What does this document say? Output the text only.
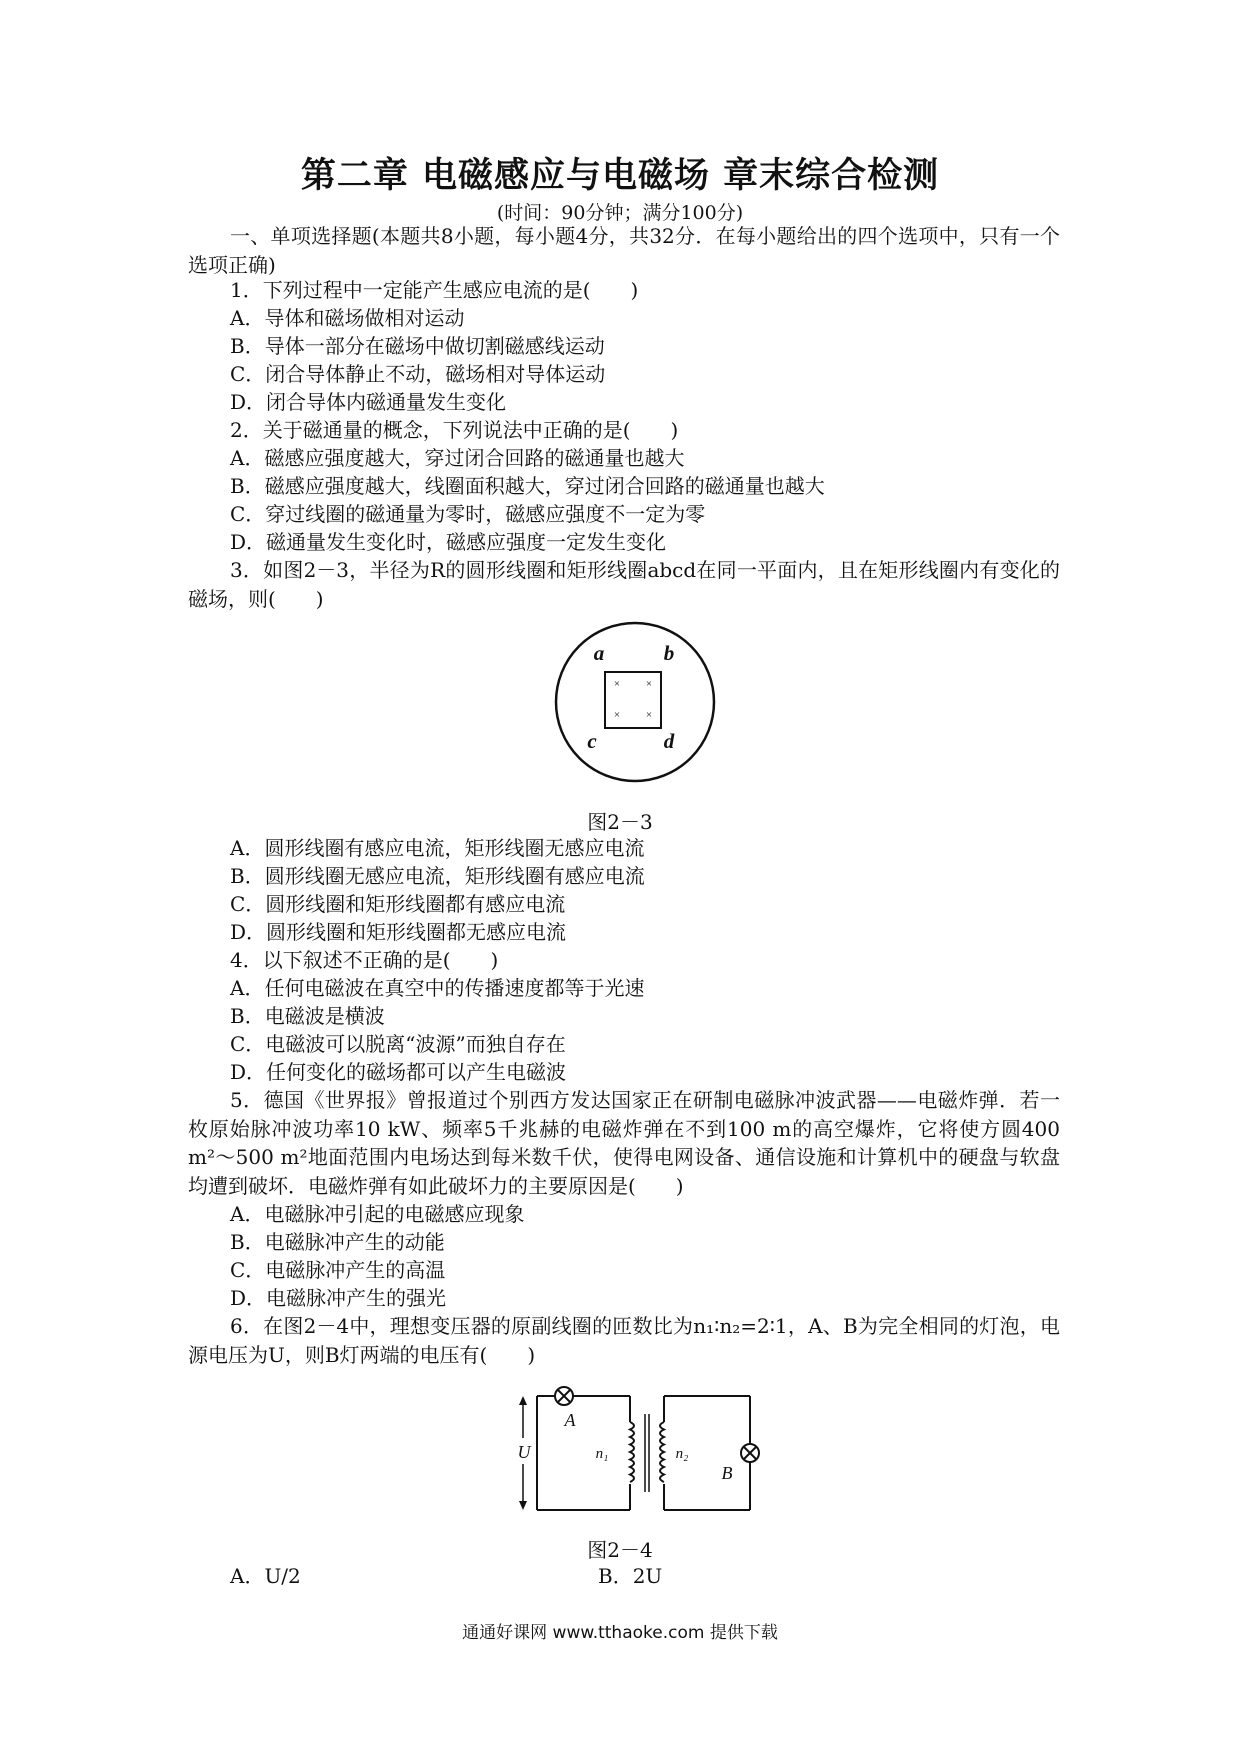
第二章 电磁感应与电磁场 章末综合检测
(时间：90分钟；满分100分)
一、单项选择题(本题共8小题，每小题4分，共32分．在每小题给出的四个选项中，只有一个选项正确)
1．下列过程中一定能产生感应电流的是(　　)
A．导体和磁场做相对运动
B．导体一部分在磁场中做切割磁感线运动
C．闭合导体静止不动，磁场相对导体运动
D．闭合导体内磁通量发生变化
2．关于磁通量的概念，下列说法中正确的是(　　)
A．磁感应强度越大，穿过闭合回路的磁通量也越大
B．磁感应强度越大，线圈面积越大，穿过闭合回路的磁通量也越大
C．穿过线圈的磁通量为零时，磁感应强度不一定为零
D．磁通量发生变化时，磁感应强度一定发生变化
3．如图2－3，半径为R的圆形线圈和矩形线圈abcd在同一平面内，且在矩形线圈内有变化的磁场，则(　　)
× ×
× ×
a	b
c	d
图2－3
A．圆形线圈有感应电流，矩形线圈无感应电流
B．圆形线圈无感应电流，矩形线圈有感应电流
C．圆形线圈和矩形线圈都有感应电流
D．圆形线圈和矩形线圈都无感应电流
4．以下叙述不正确的是(　　)
A．任何电磁波在真空中的传播速度都等于光速
B．电磁波是横波
C．电磁波可以脱离“波源”而独自存在
D．任何变化的磁场都可以产生电磁波
5．德国《世界报》曾报道过个别西方发达国家正在研制电磁脉冲波武器——电磁炸弹．若一枚原始脉冲波功率10 kW、频率5千兆赫的电磁炸弹在不到100 m的高空爆炸，它将使方圆400 m²～500 m²地面范围内电场达到每米数千伏，使得电网设备、通信设施和计算机中的硬盘与软盘均遭到破坏．电磁炸弹有如此破坏力的主要原因是(　　)
A．电磁脉冲引起的电磁感应现象
B．电磁脉冲产生的动能
C．电磁脉冲产生的高温
D．电磁脉冲产生的强光
6．在图2－4中，理想变压器的原副线圈的匝数比为n₁∶n₂=2∶1，A、B为完全相同的灯泡，电源电压为U，则B灯两端的电压有(　　)
A
U	n₁	n₂
B
图2－4
A．U/2	B．2U
通通好课网 www.tthaoke.com 提供下载
